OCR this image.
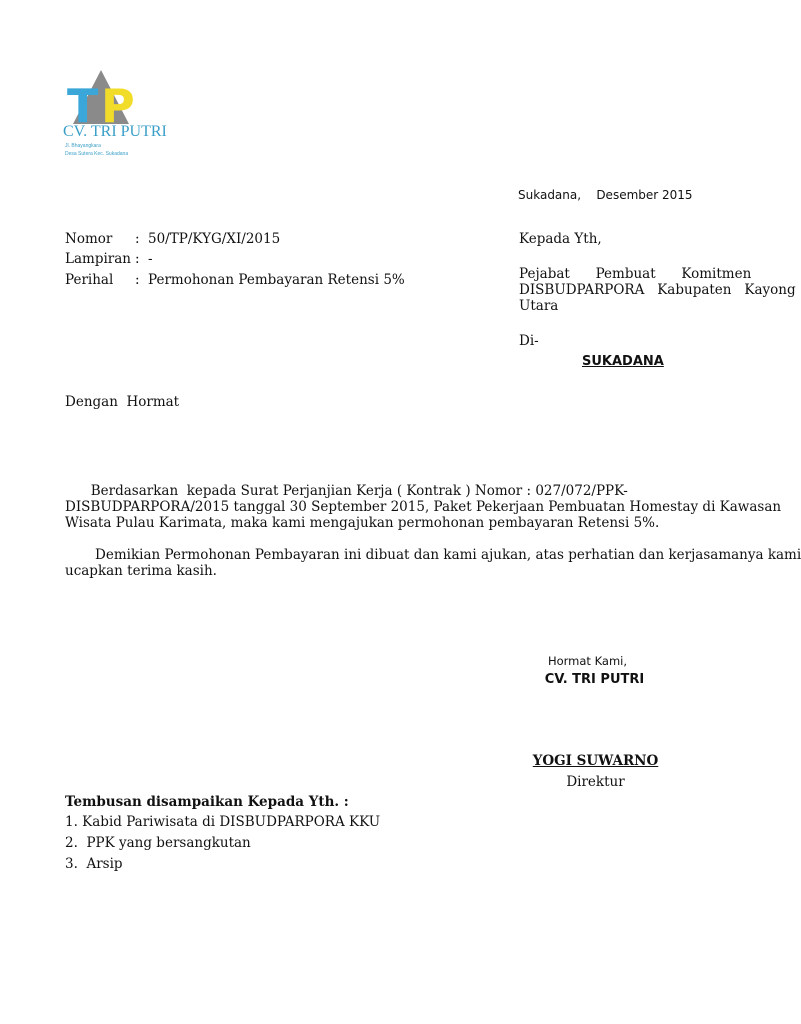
T P
CV. TRI PUTRI
Jl. Bhayangkara
Desa Sutera Kec. Sukadana
Sukadana,    Desember 2015
Nomor : 50/TP/KYG/XI/2015
Lampiran : -
Perihal : Permohonan Pembayaran Retensi 5%
Kepada Yth,
Pejabat      Pembuat      Komitmen
DISBUDPARPORA   Kabupaten   Kayong
Utara
Di-
SUKADANA
Dengan  Hormat
Berdasarkan  kepada Surat Perjanjian Kerja ( Kontrak ) Nomor : 027/072/PPK-
DISBUDPARPORA/2015 tanggal 30 September 2015, Paket Pekerjaan Pembuatan Homestay di Kawasan
Wisata Pulau Karimata, maka kami mengajukan permohonan pembayaran Retensi 5%.
Demikian Permohonan Pembayaran ini dibuat dan kami ajukan, atas perhatian dan kerjasamanya kami
ucapkan terima kasih.
Hormat Kami,
CV. TRI PUTRI
YOGI SUWARNO
Direktur
Tembusan disampaikan Kepada Yth. :
1. Kabid Pariwisata di DISBUDPARPORA KKU
2.  PPK yang bersangkutan
3.  Arsip
